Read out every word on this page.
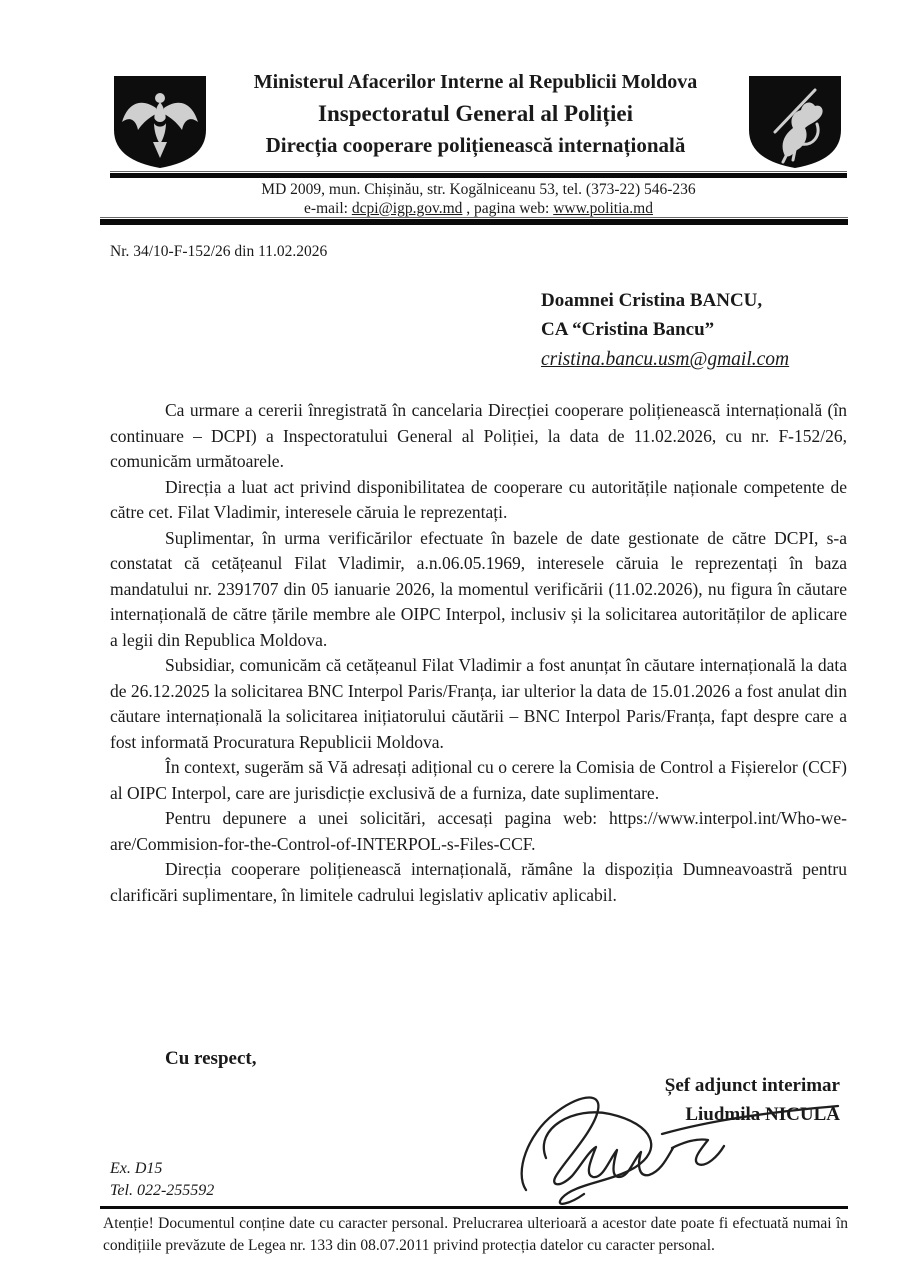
Ministerul Afacerilor Interne al Republicii Moldova
Inspectoratul General al Poliției
Direcția cooperare polițienească internațională
MD 2009, mun. Chișinău, str. Kogălniceanu 53, tel. (373-22) 546-236
e-mail: dcpi@igp.gov.md , pagina web: www.politia.md
Nr. 34/10-F-152/26 din 11.02.2026
Doamnei Cristina BANCU,
CA “Cristina Bancu”
cristina.bancu.usm@gmail.com

Ca urmare a cererii înregistrată în cancelaria Direcției cooperare polițienească internațională (în continuare – DCPI) a Inspectoratului General al Poliției, la data de 11.02.2026, cu nr. F-152/26, comunicăm următoarele.

Direcția a luat act privind disponibilitatea de cooperare cu autoritățile naționale competente de către cet. Filat Vladimir, interesele căruia le reprezentați.

Suplimentar, în urma verificărilor efectuate în bazele de date gestionate de către DCPI, s-a constatat că cetățeanul Filat Vladimir, a.n.06.05.1969, interesele căruia le reprezentați în baza mandatului nr. 2391707 din 05 ianuarie 2026, la momentul verificării (11.02.2026), nu figura în căutare internațională de către țările membre ale OIPC Interpol, inclusiv și la solicitarea autorităților de aplicare a legii din Republica Moldova.

Subsidiar, comunicăm că cetățeanul Filat Vladimir a fost anunțat în căutare internațională la data de 26.12.2025 la solicitarea BNC Interpol Paris/Franța, iar ulterior la data de 15.01.2026 a fost anulat din căutare internațională la solicitarea inițiatorului căutării – BNC Interpol Paris/Franța, fapt despre care a fost informată Procuratura Republicii Moldova.

În context, sugerăm să Vă adresați adițional cu o cerere la Comisia de Control a Fișierelor (CCF) al OIPC Interpol, care are jurisdicție exclusivă de a furniza, date suplimentare.

Pentru depunere a unei solicitări, accesați pagina web: https://www.interpol.int/Who-we-are/Commision-for-the-Control-of-INTERPOL-s-Files-CCF.

Direcția cooperare polițienească internațională, rămâne la dispoziția Dumneavoastră pentru clarificări suplimentare, în limitele cadrului legislativ aplicativ aplicabil.

Cu respect,
Șef adjunct interimar
Liudmila NICULA
Ex. D15
Tel. 022-255592
Atenție! Documentul conține date cu caracter personal. Prelucrarea ulterioară a acestor date poate fi efectuată numai în condițiile prevăzute de Legea nr. 133 din 08.07.2011 privind protecția datelor cu caracter personal.
